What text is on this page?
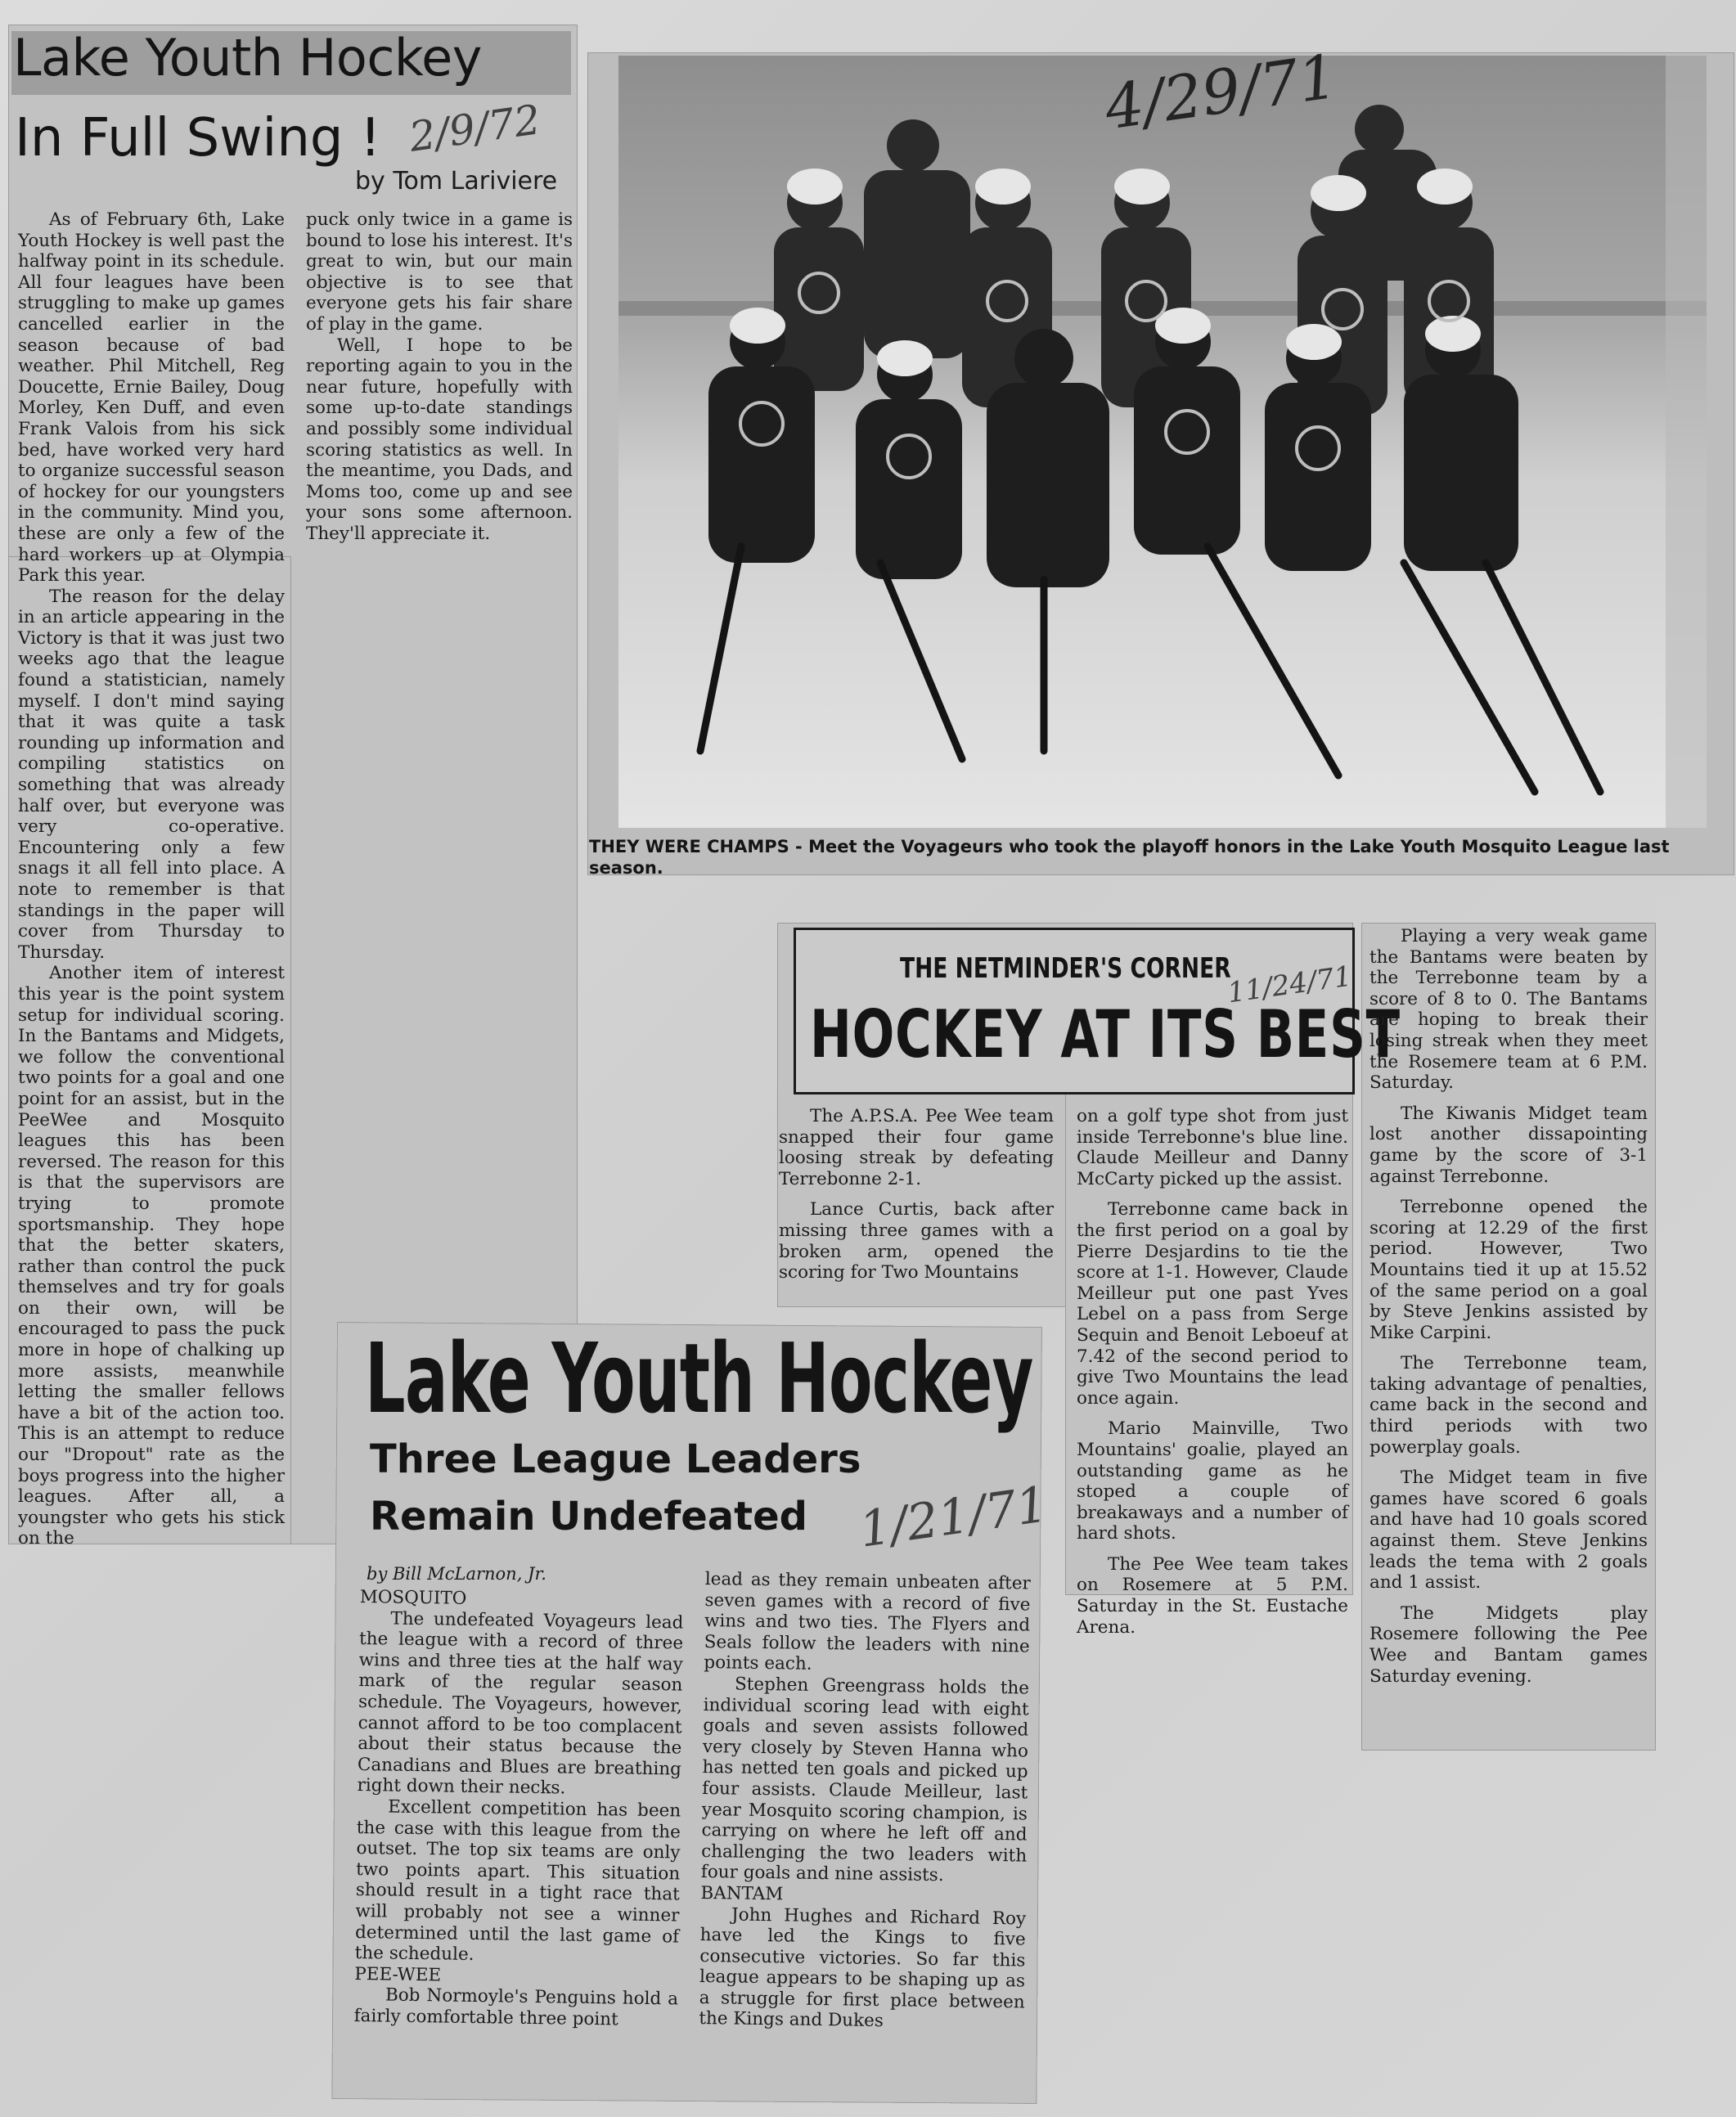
Lake Youth Hockey
In Full Swing ! 2/9/72
by Tom Lariviere

As of February 6th, Lake Youth Hockey is well past the halfway point in its schedule. All four leagues have been struggling to make up games cancelled earlier in the season because of bad weather. Phil Mitchell, Reg Doucette, Ernie Bailey, Doug Morley, Ken Duff, and even Frank Valois from his sick bed, have worked very hard to organize successful season of hockey for our youngsters in the community. Mind you, these are only a few of the hard workers up at Olympia Park this year.

The reason for the delay in an article appearing in the Victory is that it was just two weeks ago that the league found a statistician, namely myself. I don't mind saying that it was quite a task rounding up information and compiling statistics on something that was already half over, but everyone was very co-operative. Encountering only a few snags it all fell into place. A note to remember is that standings in the paper will cover from Thursday to Thursday.

Another item of interest this year is the point system setup for individual scoring. In the Bantams and Midgets, we follow the conventional two points for a goal and one point for an assist, but in the PeeWee and Mosquito leagues this has been reversed. The reason for this is that the supervisors are trying to promote sportsmanship. They hope that the better skaters, rather than control the puck themselves and try for goals on their own, will be encouraged to pass the puck more in hope of chalking up more assists, meanwhile letting the smaller fellows have a bit of the action too. This is an attempt to reduce our "Dropout" rate as the boys progress into the higher leagues. After all, a youngster who gets his stick on the

puck only twice in a game is bound to lose his interest. It's great to win, but our main objective is to see that everyone gets his fair share of play in the game.

Well, I hope to be reporting again to you in the near future, hopefully with some up-to-date standings and possibly some individual scoring statistics as well. In the meantime, you Dads, and Moms too, come up and see your sons some afternoon. They'll appreciate it.

4/29/71
THEY WERE CHAMPS - Meet the Voyageurs who took the playoff honors in the Lake Youth Mosquito League last season.
THE NETMINDER'S CORNER
11/24/71
HOCKEY AT ITS BEST

The A.P.S.A. Pee Wee team snapped their four game loosing streak by defeating Terrebonne 2-1.

Lance Curtis, back after missing three games with a broken arm, opened the scoring for Two Mountains

on a golf type shot from just inside Terrebonne's blue line. Claude Meilleur and Danny McCarty picked up the assist.

Terrebonne came back in the first period on a goal by Pierre Desjardins to tie the score at 1-1. However, Claude Meilleur put one past Yves Lebel on a pass from Serge Sequin and Benoit Leboeuf at 7.42 of the second period to give Two Mountains the lead once again.

Mario Mainville, Two Mountains' goalie, played an outstanding game as he stoped a couple of breakaways and a number of hard shots.

The Pee Wee team takes on Rosemere at 5 P.M. Saturday in the St. Eustache Arena.

Playing a very weak game the Bantams were beaten by the Terrebonne team by a score of 8 to 0. The Bantams are hoping to break their losing streak when they meet the Rosemere team at 6 P.M. Saturday.

The Kiwanis Midget team lost another dissapointing game by the score of 3-1 against Terrebonne.

Terrebonne opened the scoring at 12.29 of the first period. However, Two Mountains tied it up at 15.52 of the same period on a goal by Steve Jenkins assisted by Mike Carpini.

The Terrebonne team, taking advantage of penalties, came back in the second and third periods with two powerplay goals.

The Midget team in five games have scored 6 goals and have had 10 goals scored against them. Steve Jenkins leads the tema with 2 goals and 1 assist.

The Midgets play Rosemere following the Pee Wee and Bantam games Saturday evening.

Lake Youth Hockey
Three League Leaders
Remain Undefeated 1/21/71
by Bill McLarnon, Jr.

MOSQUITO

The undefeated Voyageurs lead the league with a record of three wins and three ties at the half way mark of the regular season schedule. The Voyageurs, however, cannot afford to be too complacent about their status because the Canadians and Blues are breathing right down their necks.

Excellent competition has been the case with this league from the outset. The top six teams are only two points apart. This situation should result in a tight race that will probably not see a winner determined until the last game of the schedule.

PEE-WEE

Bob Normoyle's Penguins hold a fairly comfortable three point

lead as they remain unbeaten after seven games with a record of five wins and two ties. The Flyers and Seals follow the leaders with nine points each.

Stephen Greengrass holds the individual scoring lead with eight goals and seven assists followed very closely by Steven Hanna who has netted ten goals and picked up four assists. Claude Meilleur, last year Mosquito scoring champion, is carrying on where he left off and challenging the two leaders with four goals and nine assists.

BANTAM

John Hughes and Richard Roy have led the Kings to five consecutive victories. So far this league appears to be shaping up as a struggle for first place between the Kings and Dukes
